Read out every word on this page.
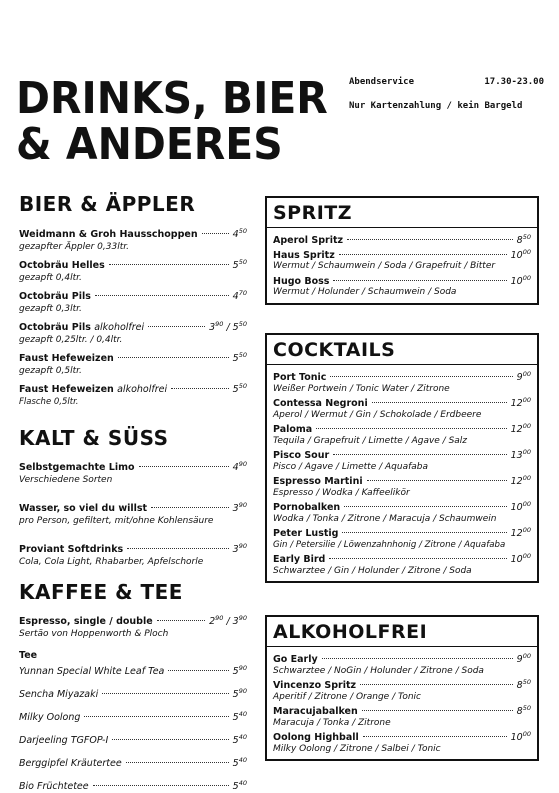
DRINKS, BIER
& ANDERES
Abendservice	17.30-23.00
Nur Kartenzahlung / kein Bargeld
BIER & ÄPPLER
Weidmann & Groh Hausschoppen	$4^{50}$
gezapfter Äppler 0,33ltr.
Octobräu Helles	$5^{50}$
gezapft 0,4ltr.
Octobräu Pils	$4^{70}$
gezapft 0,3ltr.
Octobräu Pils alkoholfrei	$3^{90} / 5^{50}$
gezapft 0,25ltr. / 0,4ltr.
Faust Hefeweizen	$5^{50}$
gezapft 0,5ltr.
Faust Hefeweizen alkoholfrei	$5^{50}$
Flasche 0,5ltr.
KALT & SÜSS
Selbstgemachte Limo	$4^{90}$
Verschiedene Sorten
Wasser, so viel du willst	$3^{90}$
pro Person, gefiltert, mit/ohne Kohlensäure
Proviant Softdrinks	$3^{90}$
Cola, Cola Light, Rhabarber, Apfelschorle
KAFFEE & TEE
Espresso, single / double	$2^{90} / 3^{90}$
Sertão von Hoppenworth & Ploch
Tee
Yunnan Special White Leaf Tea	$5^{90}$
Sencha Miyazaki	$5^{90}$
Milky Oolong	$5^{40}$
Darjeeling TGFOP-I	$5^{40}$
Berggipfel Kräutertee	$5^{40}$
Bio Früchtetee	$5^{40}$
SPRITZ
Aperol Spritz	$8^{50}$
Haus Spritz	$10^{00}$
Wermut / Schaumwein / Soda / Grapefruit / Bitter
Hugo Boss	$10^{00}$
Wermut / Holunder / Schaumwein / Soda
COCKTAILS
Port Tonic	$9^{00}$
Weißer Portwein / Tonic Water / Zitrone
Contessa Negroni	$12^{00}$
Aperol / Wermut / Gin / Schokolade / Erdbeere
Paloma	$12^{00}$
Tequila / Grapefruit / Limette / Agave / Salz
Pisco Sour	$13^{00}$
Pisco / Agave / Limette / Aquafaba
Espresso Martini	$12^{00}$
Espresso / Wodka / Kaffeelikör
Pornobalken	$10^{00}$
Wodka / Tonka / Zitrone / Maracuja / Schaumwein
Peter Lustig	$12^{00}$
Gin / Petersilie / Löwenzahnhonig / Zitrone / Aquafaba
Early Bird	$10^{00}$
Schwarztee / Gin / Holunder / Zitrone / Soda
ALKOHOLFREI
Go Early	$9^{00}$
Schwarztee / NoGin / Holunder / Zitrone / Soda
Vincenzo Spritz	$8^{50}$
Aperitif / Zitrone / Orange / Tonic
Maracujabalken	$8^{50}$
Maracuja / Tonka / Zitrone
Oolong Highball	$10^{00}$
Milky Oolong / Zitrone / Salbei / Tonic
